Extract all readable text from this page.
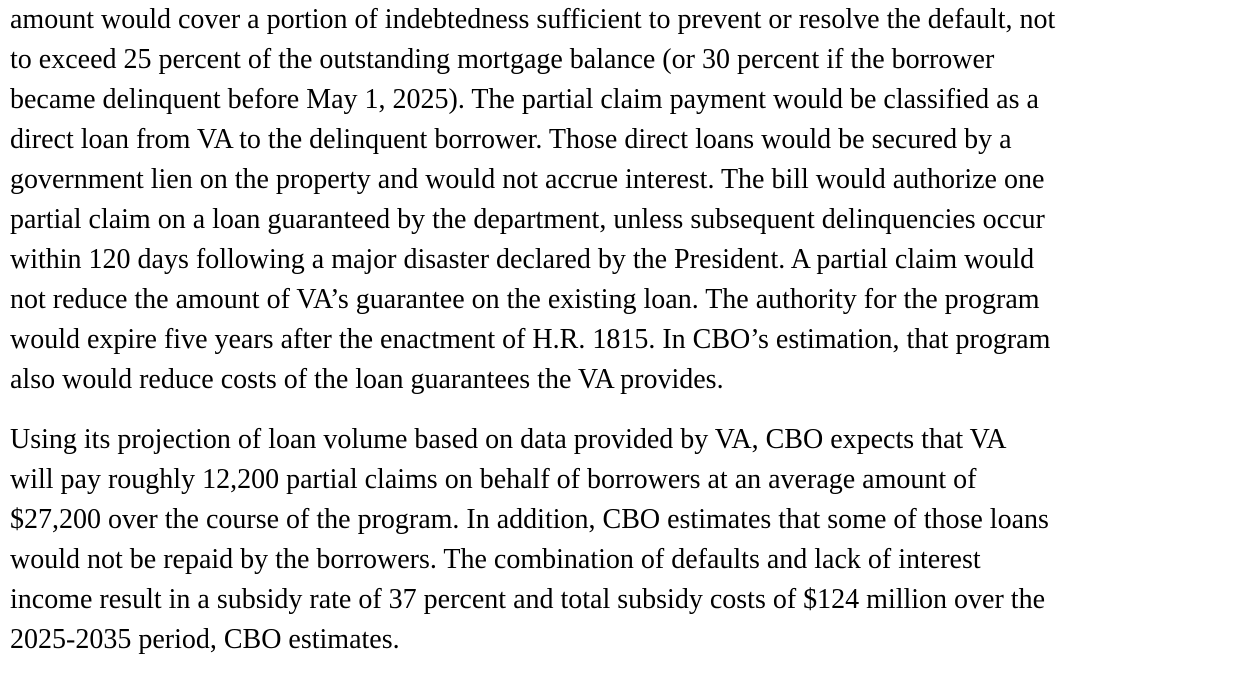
amount would cover a portion of indebtedness sufficient to prevent or resolve the default, not
to exceed 25 percent of the outstanding mortgage balance (or 30 percent if the borrower
became delinquent before May 1, 2025). The partial claim payment would be classified as a
direct loan from VA to the delinquent borrower. Those direct loans would be secured by a
government lien on the property and would not accrue interest. The bill would authorize one
partial claim on a loan guaranteed by the department, unless subsequent delinquencies occur
within 120 days following a major disaster declared by the President. A partial claim would
not reduce the amount of VA’s guarantee on the existing loan. The authority for the program
would expire five years after the enactment of H.R. 1815. In CBO’s estimation, that program
also would reduce costs of the loan guarantees the VA provides.

Using its projection of loan volume based on data provided by VA, CBO expects that VA
will pay roughly 12,200 partial claims on behalf of borrowers at an average amount of
$27,200 over the course of the program. In addition, CBO estimates that some of those loans
would not be repaid by the borrowers. The combination of defaults and lack of interest
income result in a subsidy rate of 37 percent and total subsidy costs of $124 million over the
2025-2035 period, CBO estimates.
